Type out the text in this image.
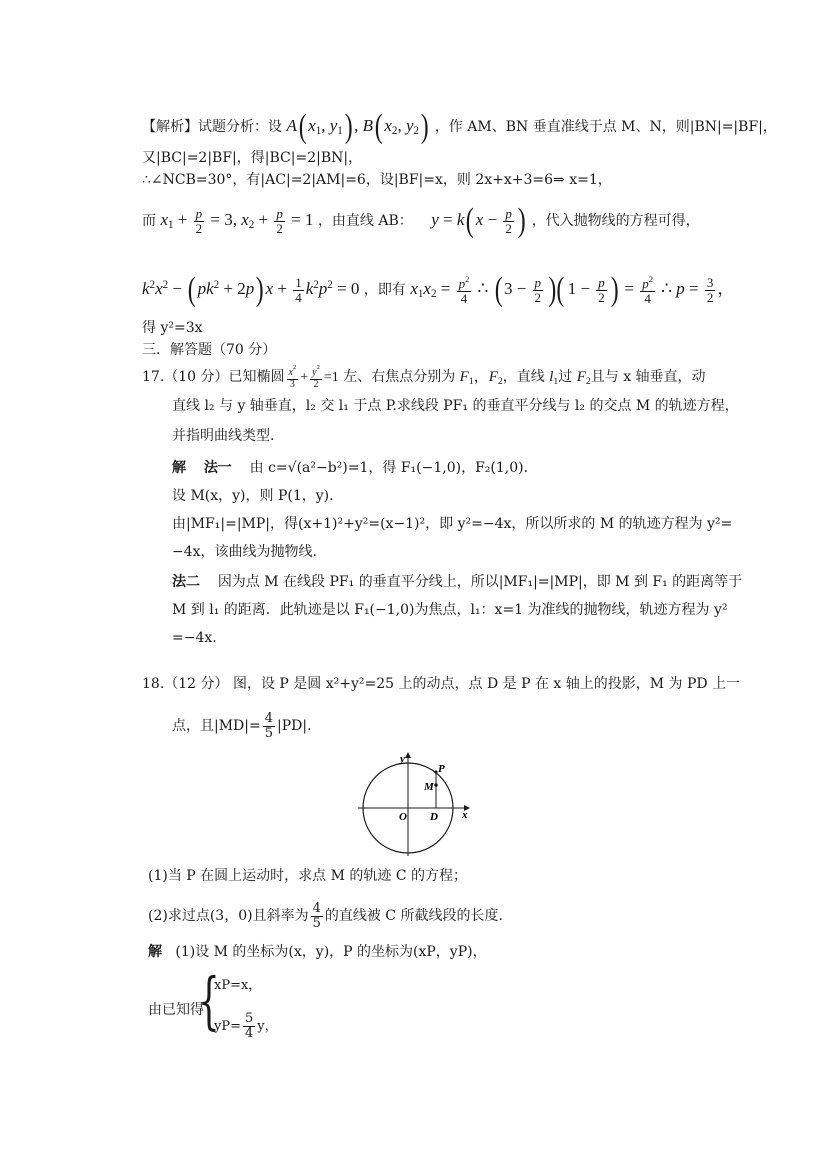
【解析】试题分析：设 $A(x_1$, $y_1$), $B(x_2$, $y_2$) ，作 AM、BN 垂直准线于点 M、N，则|BN|=|BF|，
又|BC|=2|BF|，得|BC|=2|BN|，
∴∠NCB=30°，有|AC|=2|AM|=6，设|BF|=x，则 2x+x+3=6⇒ x=1，
而 $x_1 + \frac{p}{2} = 3$, $x_2 + \frac{p}{2} = 1$ ，由直线 AB： $y = k(x - \frac{p}{2}$ ) ，代入抛物线的方程可得，
$k^2x^2 - (pk^2 + 2p)x + \frac{1}{4} k^2p^2 = 0$ ，即有 $x_1x_2 = \frac{p^2}{4}$ ∴ ($3 - \frac{p}{2}$ )( $1 - \frac{p}{2}$ ) = $\frac{p^2}{4}$ ∴ $p = \frac{3}{2}$ ，
得 y²=3x
三．解答题（70 分）
17.（10 分）已知椭圆 $\frac{x^2}{3} + \frac{y^2}{2} =1$ 左、右焦点分别为 $F_1$，$F_2$，直线 $l_1$过 $F_2$且与 x 轴垂直，动
直线 l₂ 与 y 轴垂直，l₂ 交 l₁ 于点 P.求线段 PF₁ 的垂直平分线与 l₂ 的交点 M 的轨迹方程，
并指明曲线类型.
解 法一 由 c=√(a²−b²)=1，得 F₁(−1,0)，F₂(1,0).
设 M(x，y)，则 P(1，y).
由|MF₁|=|MP|，得(x+1)²+y²=(x−1)²，即 y²=−4x，所以所求的 M 的轨迹方程为 y²=
−4x，该曲线为抛物线.
法二 因为点 M 在线段 PF₁ 的垂直平分线上，所以|MF₁|=|MP|，即 M 到 F₁ 的距离等于
M 到 l₁ 的距离．此轨迹是以 F₁(−1,0)为焦点，l₁：x=1 为准线的抛物线，轨迹方程为 y²
=−4x.
18.（12 分） 图，设 P 是圆 x²+y²=25 上的动点，点 D 是 P 在 x 轴上的投影，M 为 PD 上一
点，且$|MD|= \frac{4}{5} |PD|$.
y
x
O D
M
P
(1)当 P 在圆上运动时，求点 M 的轨迹 C 的方程；
(2)求过点(3，0)且斜率为 $\frac{4}{5}$ 的直线被 C 所截线段的长度.
解 (1)设 M 的坐标为(x，y)，P 的坐标为(xP，yP)，
{
由已知得
xP=x，
$yP= \frac{5}{4}$ y，
